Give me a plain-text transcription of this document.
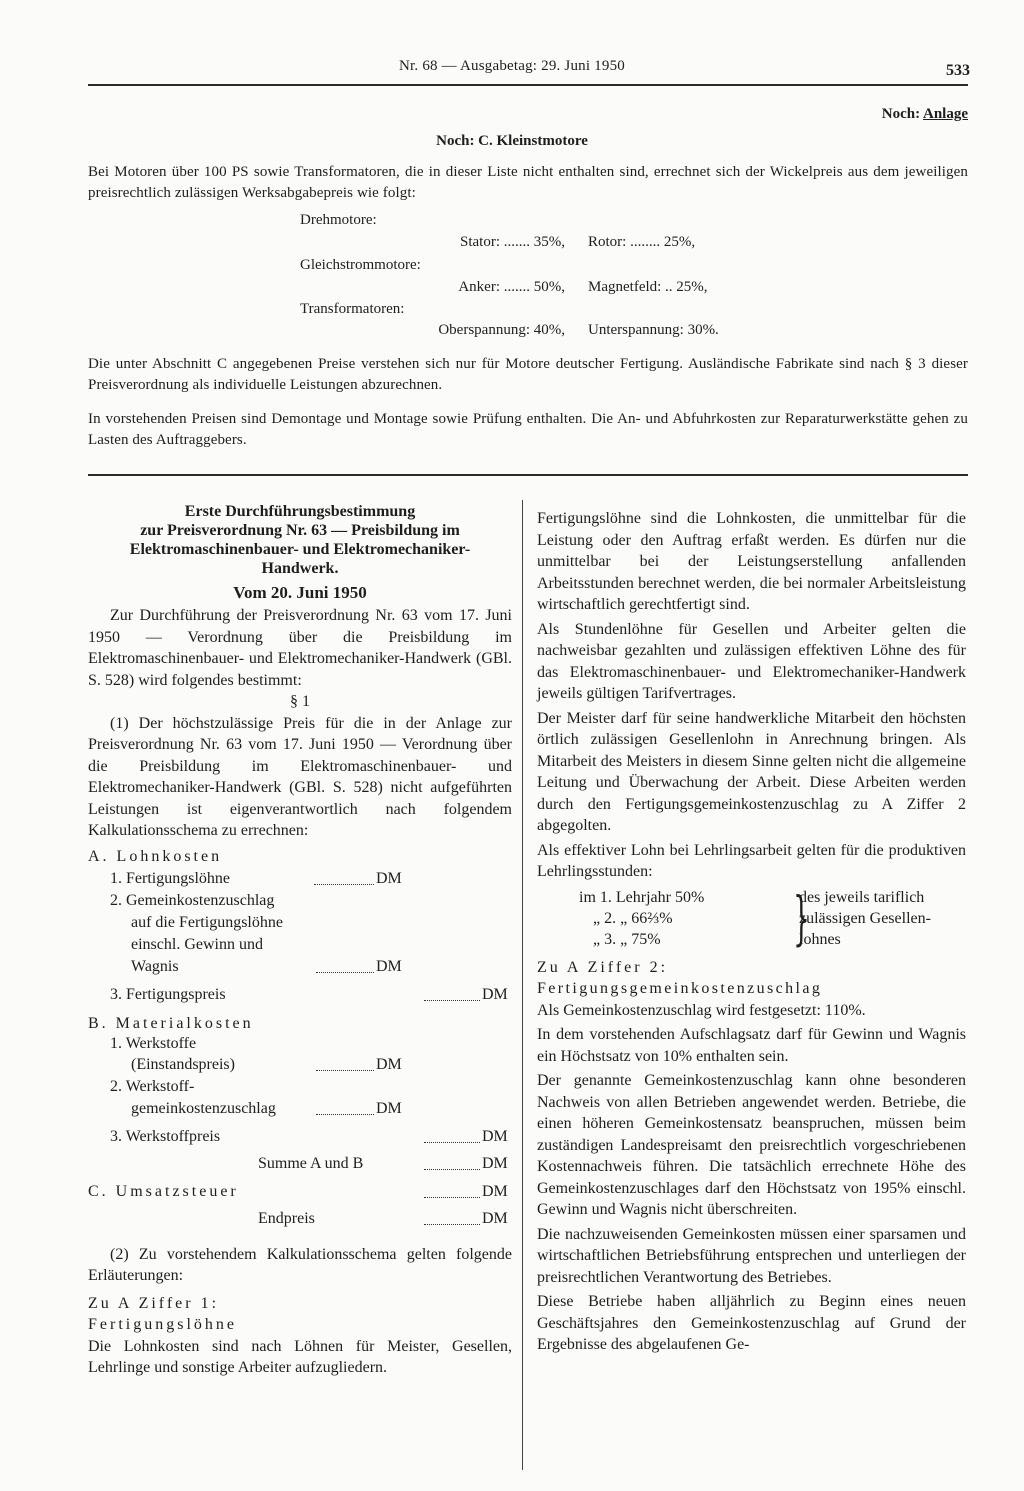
Nr. 68 — Ausgabetag: 29. Juni 1950	533
Noch: Anlage
Noch: C. Kleinstmotore
Bei Motoren über 100 PS sowie Transformatoren, die in dieser Liste nicht enthalten sind, errechnet sich der Wickelpreis aus dem jeweiligen preisrechtlich zulässigen Werksabgabepreis wie folgt:
Drehmotore:
Stator: ....... 35%, Rotor: ........ 25%,
Gleichstrommotore:
Anker: ....... 50%, Magnetfeld: .. 25%,
Transformatoren:
Oberspannung: 40%, Unterspannung: 30%.
Die unter Abschnitt C angegebenen Preise verstehen sich nur für Motore deutscher Fertigung. Ausländische Fabrikate sind nach § 3 dieser Preisverordnung als individuelle Leistungen abzurechnen.
In vorstehenden Preisen sind Demontage und Montage sowie Prüfung enthalten. Die An- und Abfuhrkosten zur Reparaturwerkstätte gehen zu Lasten des Auftraggebers.
Erste Durchführungsbestimmung
zur Preisverordnung Nr. 63 — Preisbildung im
Elektromaschinenbauer- und Elektromechaniker-
Handwerk.
Vom 20. Juni 1950

Zur Durchführung der Preisverordnung Nr. 63 vom 17. Juni 1950 — Verordnung über die Preisbildung im Elektromaschinenbauer- und Elektromechaniker-Handwerk (GBl. S. 528) wird folgendes bestimmt:

§ 1

(1) Der höchstzulässige Preis für die in der Anlage zur Preisverordnung Nr. 63 vom 17. Juni 1950 — Verordnung über die Preisbildung im Elektromaschinenbauer- und Elektromechaniker-Handwerk (GBl. S. 528) nicht aufgeführten Leistungen ist eigenverantwortlich nach folgendem Kalkulationsschema zu errechnen:

A. Lohnkosten
1. Fertigungslöhne	DM
2. Gemeinkostenzuschlag
auf die Fertigungslöhne
einschl. Gewinn und
Wagnis	DM
3. Fertigungspreis	DM
B. Materialkosten
1. Werkstoffe
(Einstandspreis)	DM
2. Werkstoff-
gemeinkostenzuschlag	DM
3. Werkstoffpreis	DM
Summe A und B	DM
C. Umsatzsteuer	DM
Endpreis	DM

(2) Zu vorstehendem Kalkulationsschema gelten folgende Erläuterungen:

Zu A Ziffer 1:
Fertigungslöhne

Die Lohnkosten sind nach Löhnen für Meister, Gesellen, Lehrlinge und sonstige Arbeiter aufzugliedern.

Fertigungslöhne sind die Lohnkosten, die unmittelbar für die Leistung oder den Auftrag erfaßt werden. Es dürfen nur die unmittelbar bei der Leistungserstellung anfallenden Arbeitsstunden berechnet werden, die bei normaler Arbeitsleistung wirtschaftlich gerechtfertigt sind.

Als Stundenlöhne für Gesellen und Arbeiter gelten die nachweisbar gezahlten und zulässigen effektiven Löhne des für das Elektromaschinenbauer- und Elektromechaniker-Handwerk jeweils gültigen Tarifvertrages.

Der Meister darf für seine handwerkliche Mitarbeit den höchsten örtlich zulässigen Gesellenlohn in Anrechnung bringen. Als Mitarbeit des Meisters in diesem Sinne gelten nicht die allgemeine Leitung und Überwachung der Arbeit. Diese Arbeiten werden durch den Fertigungsgemeinkostenzuschlag zu A Ziffer 2 abgegolten.

Als effektiver Lohn bei Lehrlingsarbeit gelten für die produktiven Lehrlingsstunden:

im 1. Lehrjahr 50%
„ 2. „ 66⅔%
„ 3. „ 75% }
des jeweils tariflich
zulässigen Gesellen-
lohnes
Zu A Ziffer 2:
Fertigungsgemeinkostenzuschlag

Als Gemeinkostenzuschlag wird festgesetzt: 110%.

In dem vorstehenden Aufschlagsatz darf für Gewinn und Wagnis ein Höchstsatz von 10% enthalten sein.

Der genannte Gemeinkostenzuschlag kann ohne besonderen Nachweis von allen Betrieben angewendet werden. Betriebe, die einen höheren Gemeinkostensatz beanspruchen, müssen beim zuständigen Landespreisamt den preisrechtlich vorgeschriebenen Kostennachweis führen. Die tatsächlich errechnete Höhe des Gemeinkostenzuschlages darf den Höchstsatz von 195% einschl. Gewinn und Wagnis nicht überschreiten.

Die nachzuweisenden Gemeinkosten müssen einer sparsamen und wirtschaftlichen Betriebsführung entsprechen und unterliegen der preisrechtlichen Verantwortung des Betriebes.

Diese Betriebe haben alljährlich zu Beginn eines neuen Geschäftsjahres den Gemeinkostenzuschlag auf Grund der Ergebnisse des abgelaufenen Ge-
